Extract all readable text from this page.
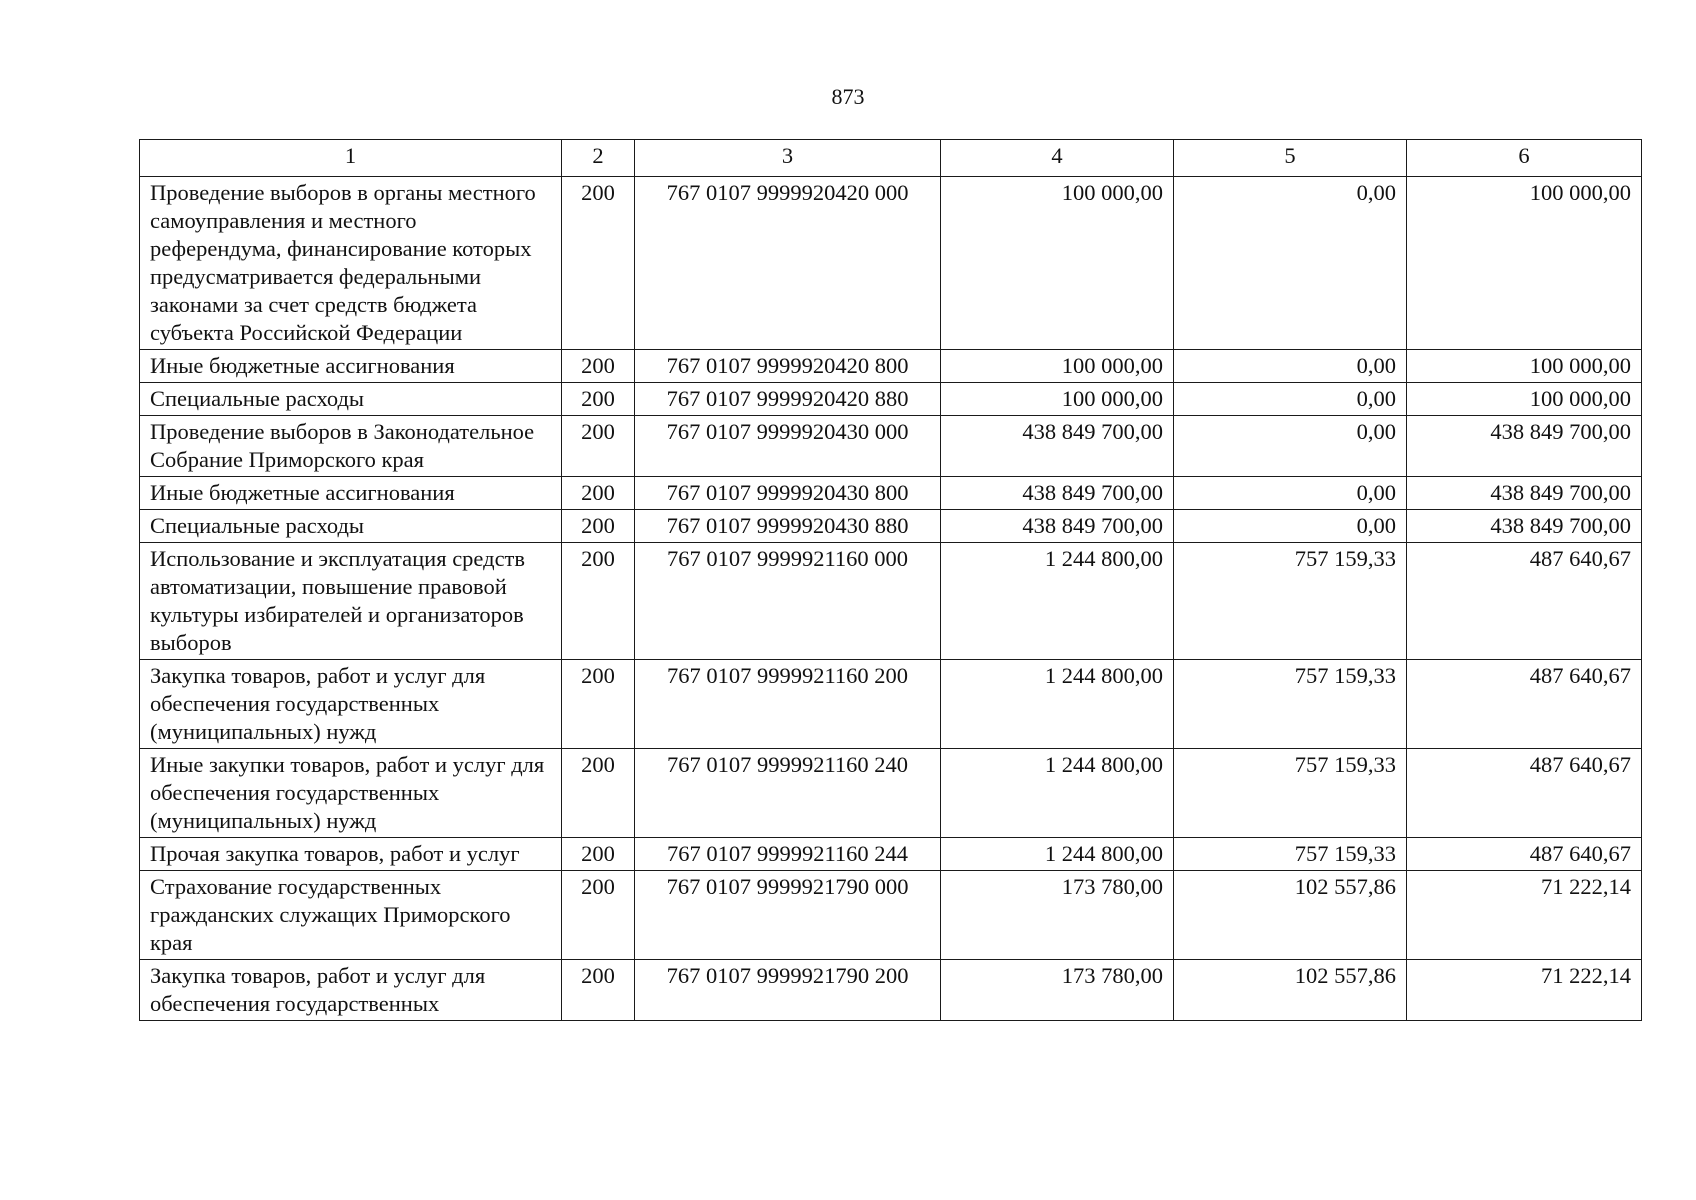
873
1	2	3	4	5	6
Проведение выборов в органы местного самоуправления и местного референдума, финансирование которых предусматривается федеральными законами за счет средств бюджета субъекта Российской Федерации	200	767 0107 9999920420 000	100 000,00	0,00	100 000,00
Иные бюджетные ассигнования	200	767 0107 9999920420 800	100 000,00	0,00	100 000,00
Специальные расходы	200	767 0107 9999920420 880	100 000,00	0,00	100 000,00
Проведение выборов в Законодательное Собрание Приморского края	200	767 0107 9999920430 000	438 849 700,00	0,00	438 849 700,00
Иные бюджетные ассигнования	200	767 0107 9999920430 800	438 849 700,00	0,00	438 849 700,00
Специальные расходы	200	767 0107 9999920430 880	438 849 700,00	0,00	438 849 700,00
Использование и эксплуатация средств автоматизации, повышение правовой культуры избирателей и организаторов выборов	200	767 0107 9999921160 000	1 244 800,00	757 159,33	487 640,67
Закупка товаров, работ и услуг для обеспечения государственных (муниципальных) нужд	200	767 0107 9999921160 200	1 244 800,00	757 159,33	487 640,67
Иные закупки товаров, работ и услуг для обеспечения государственных (муниципальных) нужд	200	767 0107 9999921160 240	1 244 800,00	757 159,33	487 640,67
Прочая закупка товаров, работ и услуг	200	767 0107 9999921160 244	1 244 800,00	757 159,33	487 640,67
Страхование государственных гражданских служащих Приморского края	200	767 0107 9999921790 000	173 780,00	102 557,86	71 222,14
Закупка товаров, работ и услуг для обеспечения государственных	200	767 0107 9999921790 200	173 780,00	102 557,86	71 222,14
